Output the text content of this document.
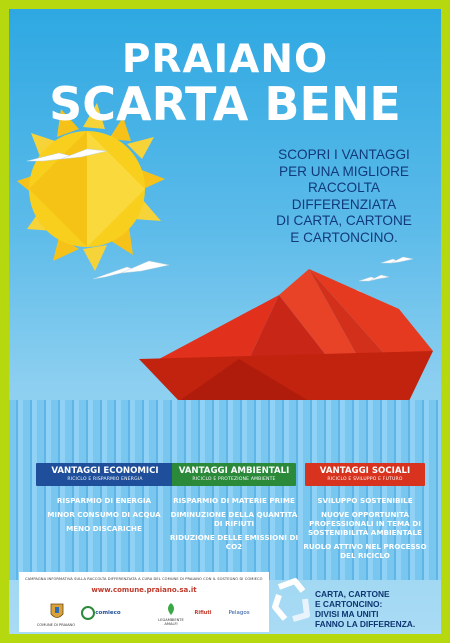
PRAIANO
SCARTA BENE
SCOPRI I VANTAGGI
PER UNA MIGLIORE
RACCOLTA
DIFFERENZIATA
DI CARTA, CARTONE
E CARTONCINO.
VANTAGGI ECONOMICI
RICICLO E RISPARMIO ENERGIA
RISPARMIO DI ENERGIA
MINOR CONSUMO DI ACQUA
MENO DISCARICHE
VANTAGGI AMBIENTALI
RICICLO E PROTEZIONE AMBIENTE
RISPARMIO DI MATERIE PRIME
DIMINUZIONE DELLA QUANTITÀ DI RIFIUTI
RIDUZIONE DELLE EMISSIONI DI CO2
VANTAGGI SOCIALI
RICICLO E SVILUPPO E FUTURO
SVILUPPO SOSTENIBILE
NUOVE OPPORTUNITÀ PROFESSIONALI IN TEMA DI SOSTENIBILITÀ AMBIENTALE
RUOLO ATTIVO NEL PROCESSO DEL RICICLO
CAMPAGNA INFORMATIVA SULLA RACCOLTA DIFFERENZIATA A CURA DEL COMUNE DI PRAIANO CON IL SOSTEGNO DI COMIECO
www.comune.praiano.sa.it
COMUNE DI PRAIANO
comieco
LEGAMBIENTE AMALFI
Rifiuti	Pelagos
CARTA, CARTONE
E CARTONCINO:
DIVISI MA UNITI
FANNO LA DIFFERENZA.
